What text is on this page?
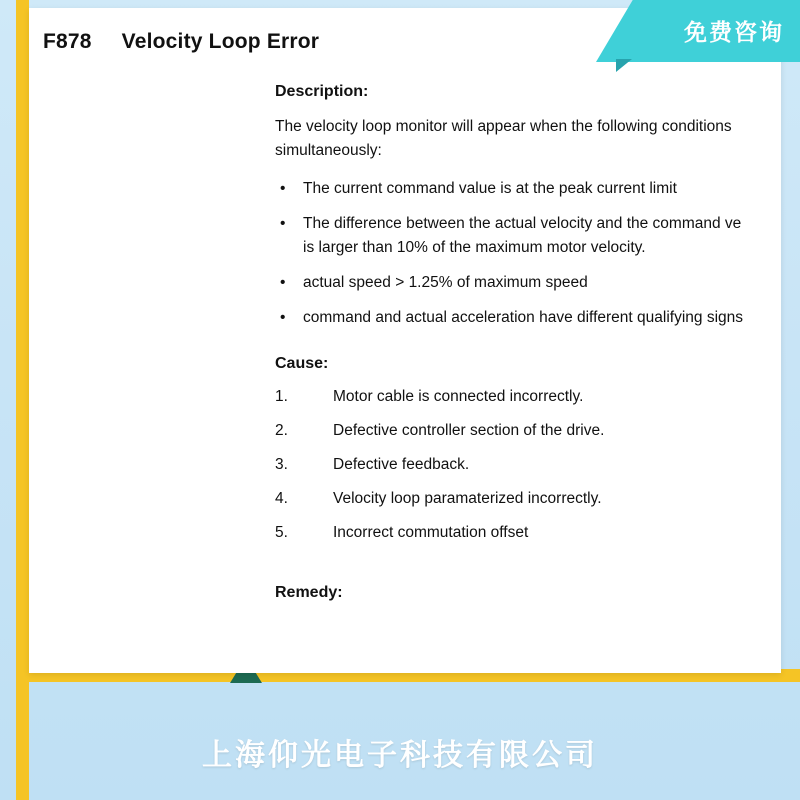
F878 Velocity Loop Error
Description:
The velocity loop monitor will appear when the following conditions
simultaneously:
• The current command value is at the peak current limit
• The difference between the actual velocity and the command ve
is larger than 10% of the maximum motor velocity.
• actual speed > 1.25% of maximum speed
• command and actual acceleration have different qualifying signs
Cause:
1.	Motor cable is connected incorrectly.
2.	Defective controller section of the drive.
3.	Defective feedback.
4.	Velocity loop paramaterized incorrectly.
5.	Incorrect commutation offset
Remedy:
免费咨询
上海仰光电子科技有限公司
